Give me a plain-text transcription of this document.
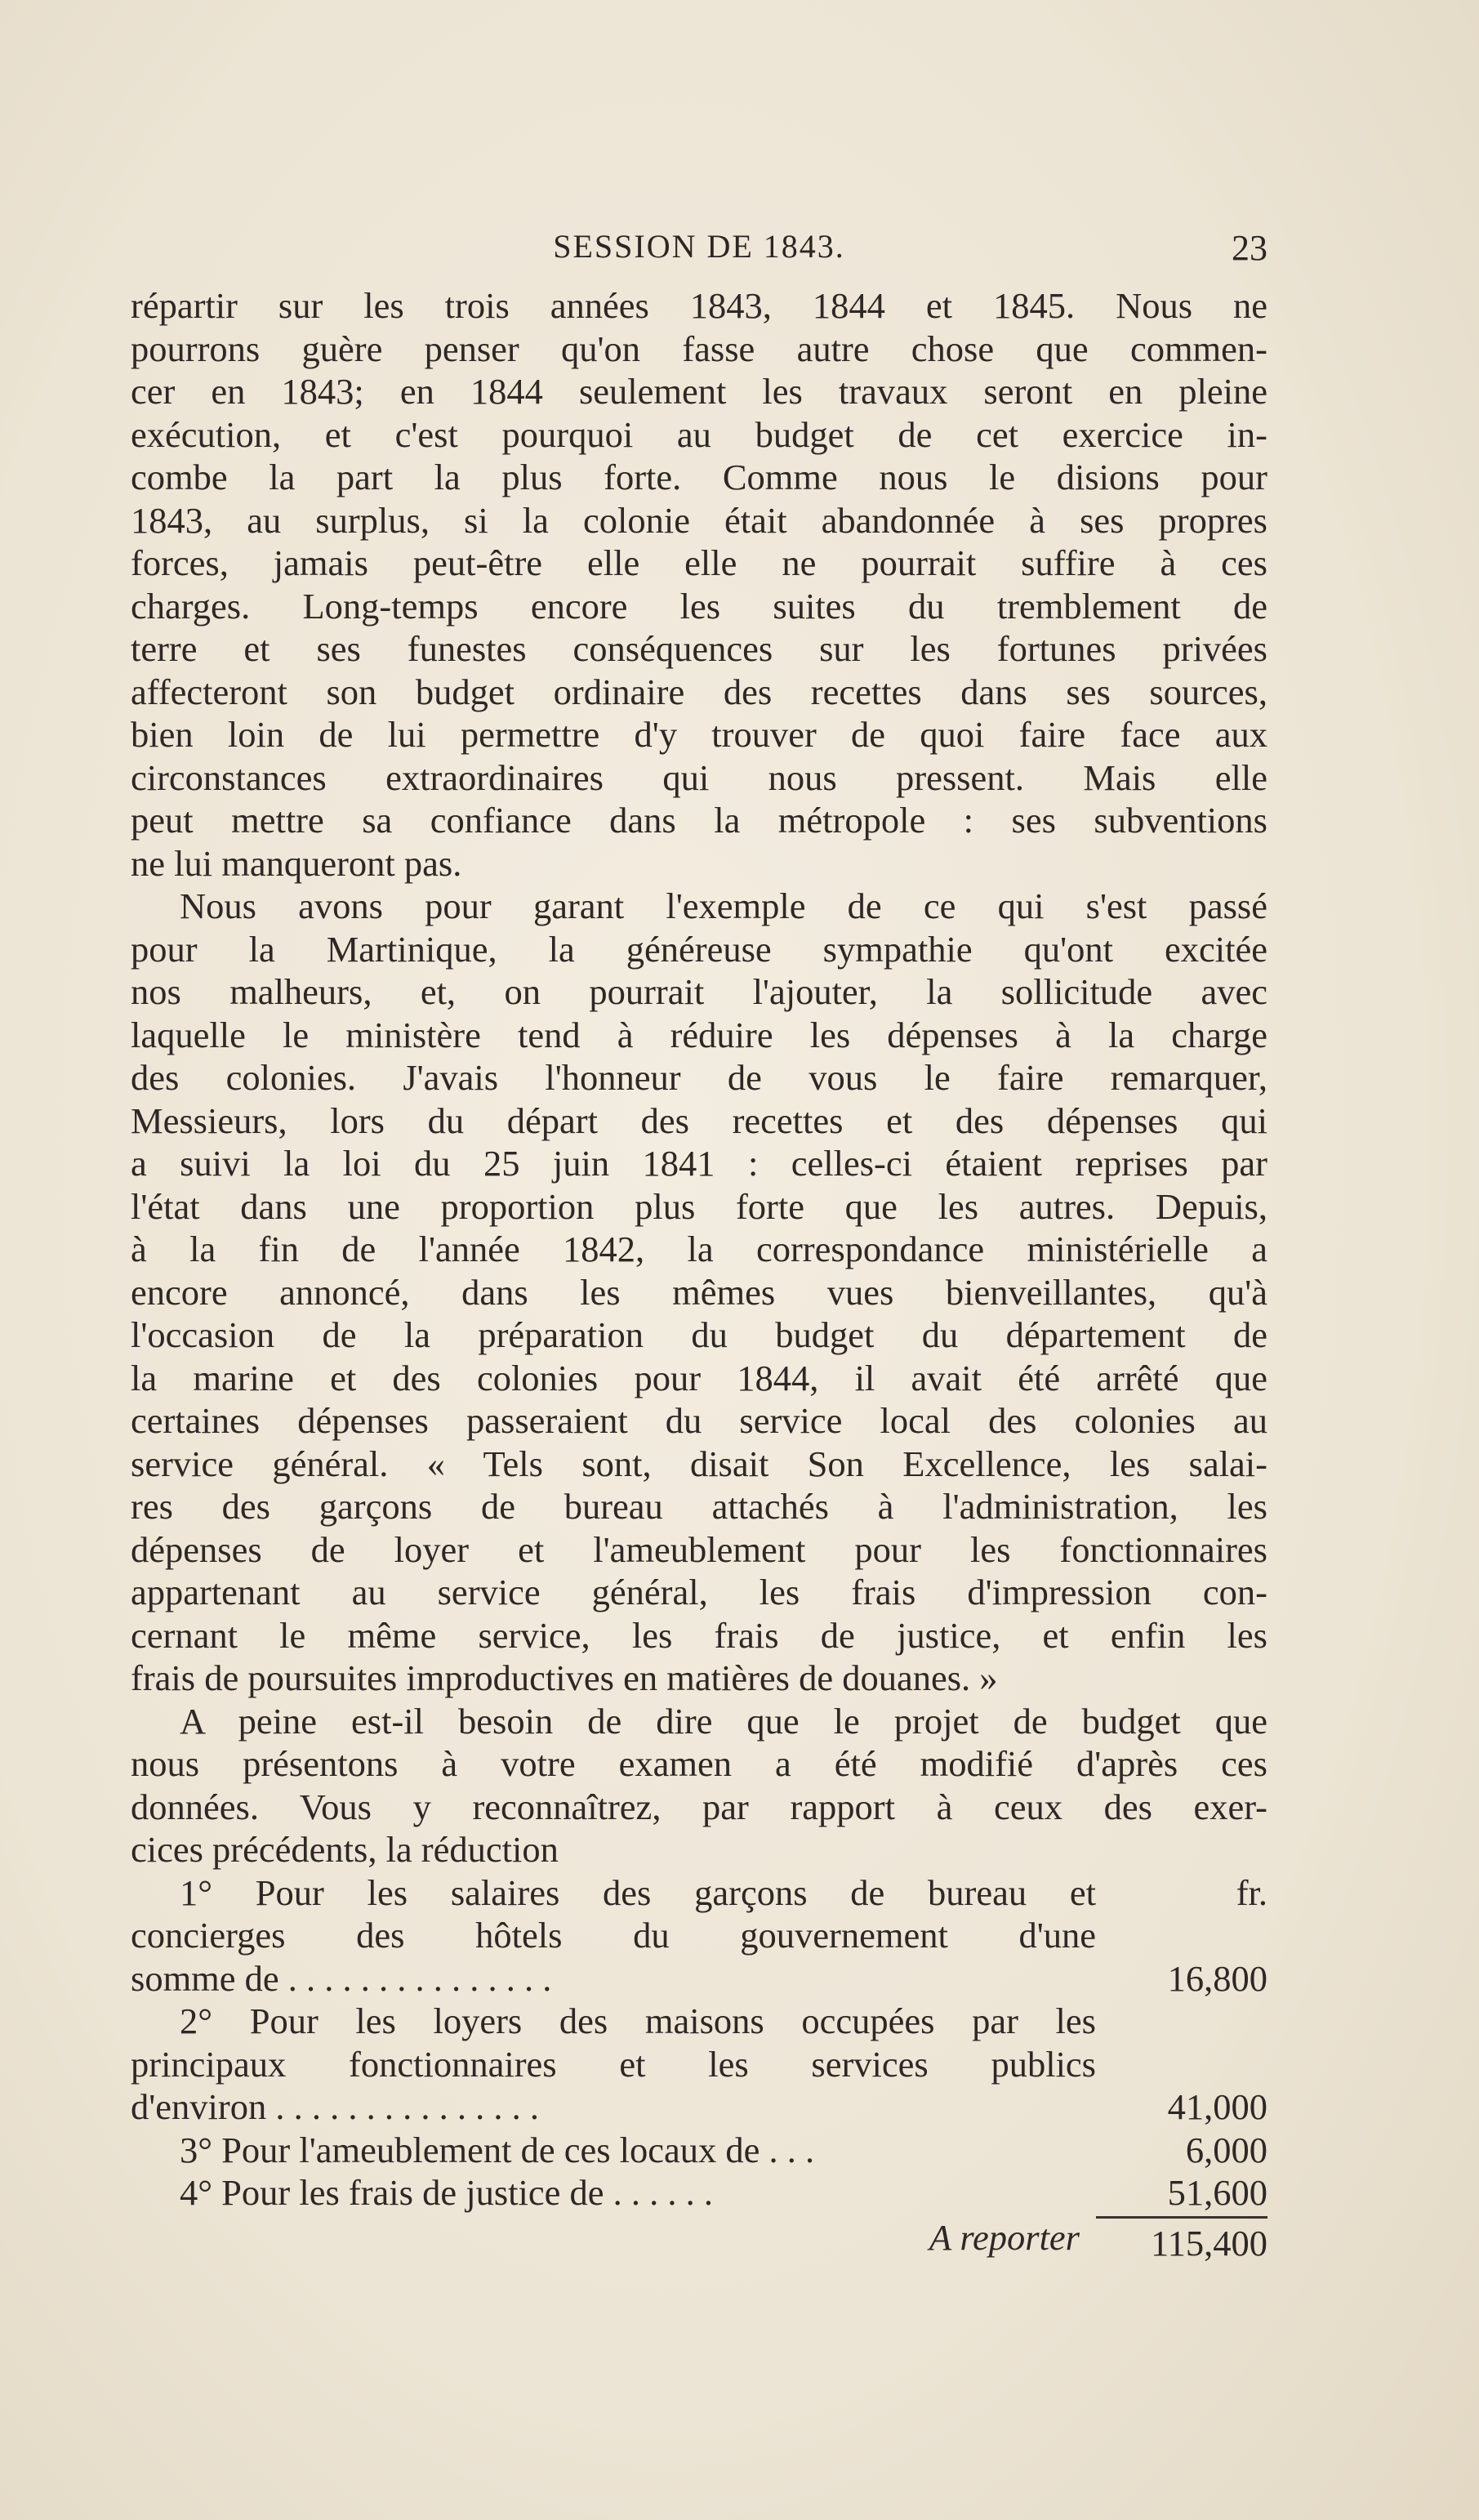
SESSION DE 1843.	23
répartir sur les trois années 1843, 1844 et 1845. Nous ne
pourrons guère penser qu'on fasse autre chose que commen-
cer en 1843; en 1844 seulement les travaux seront en pleine
exécution, et c'est pourquoi au budget de cet exercice in-
combe la part la plus forte. Comme nous le disions pour
1843, au surplus, si la colonie était abandonnée à ses propres
forces, jamais peut-être elle elle ne pourrait suffire à ces
charges. Long-temps encore les suites du tremblement de
terre et ses funestes conséquences sur les fortunes privées
affecteront son budget ordinaire des recettes dans ses sources,
bien loin de lui permettre d'y trouver de quoi faire face aux
circonstances extraordinaires qui nous pressent. Mais elle
peut mettre sa confiance dans la métropole : ses subventions
ne lui manqueront pas.
Nous avons pour garant l'exemple de ce qui s'est passé
pour la Martinique, la généreuse sympathie qu'ont excitée
nos malheurs, et, on pourrait l'ajouter, la sollicitude avec
laquelle le ministère tend à réduire les dépenses à la charge
des colonies. J'avais l'honneur de vous le faire remarquer,
Messieurs, lors du départ des recettes et des dépenses qui
a suivi la loi du 25 juin 1841 : celles-ci étaient reprises par
l'état dans une proportion plus forte que les autres. Depuis,
à la fin de l'année 1842, la correspondance ministérielle a
encore annoncé, dans les mêmes vues bienveillantes, qu'à
l'occasion de la préparation du budget du département de
la marine et des colonies pour 1844, il avait été arrêté que
certaines dépenses passeraient du service local des colonies au
service général. « Tels sont, disait Son Excellence, les salai-
res des garçons de bureau attachés à l'administration, les
dépenses de loyer et l'ameublement pour les fonctionnaires
appartenant au service général, les frais d'impression con-
cernant le même service, les frais de justice, et enfin les
frais de poursuites improductives en matières de douanes. »
A peine est-il besoin de dire que le projet de budget que
nous présentons à votre examen a été modifié d'après ces
données. Vous y reconnaîtrez, par rapport à ceux des exer-
cices précédents, la réduction
1° Pour les salaires des garçons de bureau et	fr.
concierges des hôtels du gouvernement d'une
somme de . . . . . . . . . . . . . . .	16,800
2° Pour les loyers des maisons occupées par les
principaux fonctionnaires et les services publics
d'environ . . . . . . . . . . . . . . .	41,000
3° Pour l'ameublement de ces locaux de . . .	6,000
4° Pour les frais de justice de . . . . . .	51,600
A reporter	115,400
